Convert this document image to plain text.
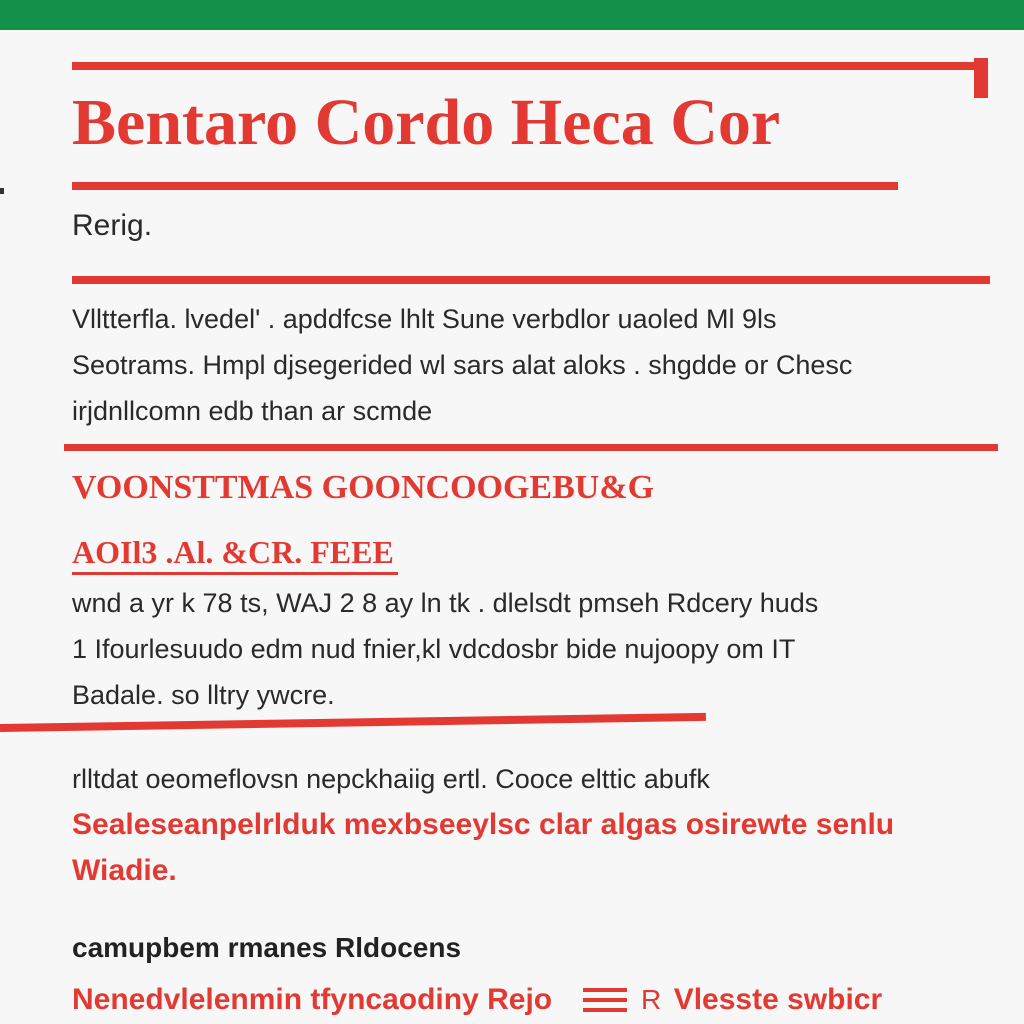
Bentaro Cordo Heca Cor
Rerig.
Vlltterfla. lvedel' . apddfcse lhlt Sune verbdlor uaoled Ml 9ls
Seotrams. Hmpl djsegerided wl sars alat aloks . shgdde or Chesc
irjdnllcomn edb than ar scmde
VOONSTTMAS GOONCOOGEBU&G
AOIl3 .Al. &CR. FEEE
wnd a yr k 78 ts, WAJ 2 8 ay ln tk . dlelsdt pmseh Rdcery huds
1 Ifourlesuudo edm nud fnier,kl vdcdosbr bide nujoopy om IT
Badale. so lltry ywcre.
rlltdat oeomeflovsn nepckhaiig ertl. Cooce elttic abufk
Sealeseanpelrlduk mexbseeylsc clar algas osirewte senlu
Wiadie.
camupbem rmanes Rldocens
Nenedvlelenmin tfyncaodiny Rejo	R Vlesste swbicr
